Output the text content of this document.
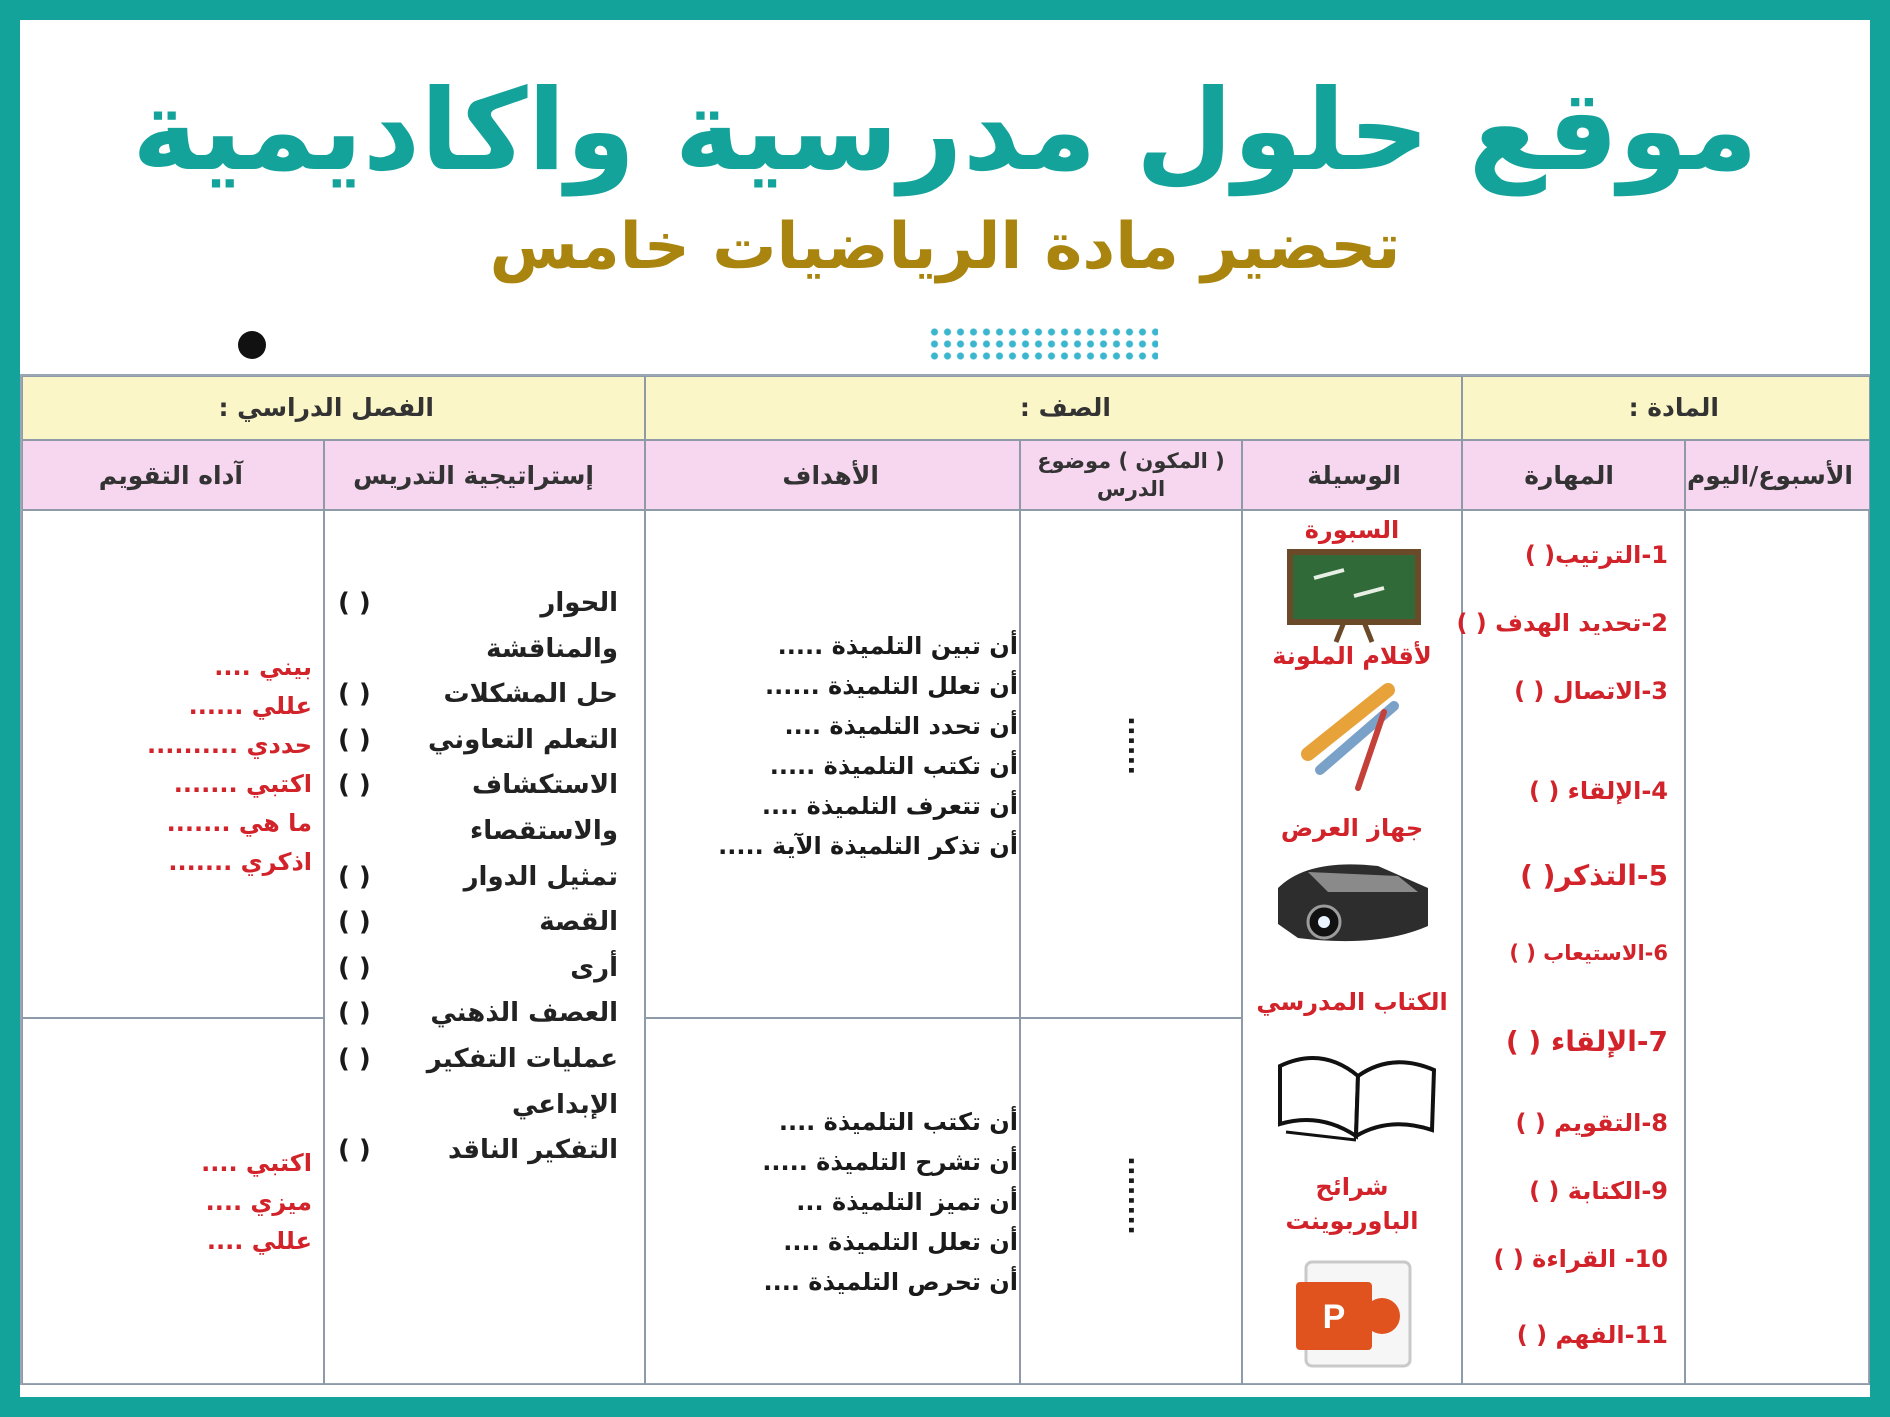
موقع حلول مدرسية واكاديمية
تحضير مادة الرياضيات خامس
المادة :
الصف :
الفصل الدراسي :
الأسبوع/اليوم
المهارة
الوسيلة
( المكون ) موضوع الدرس
الأهداف
إستراتيجية التدريس
آداه التقويم
1-الترتيب( )
2-تحديد الهدف ( )
3-الاتصال ( )
4-الإلقاء ( )
5-التذكر( )
6-الاستيعاب ( )
7-الإلقاء ( )
8-التقويم ( )
9-الكتابة ( )
10- القراءة ( )
11-الفهم ( )
السبورة
لأقلام الملونة
جهاز العرض
الكتاب المدرسي
شرائح الباوربوينت
P
......
........
أن تبين التلميذة .....
أن تعلل التلميذة ......
أن تحدد التلميذة ....
أن تكتب التلميذة .....
أن تتعرف التلميذة ....
أن تذكر التلميذة الآية .....
أن تكتب التلميذة ....
أن تشرح التلميذة .....
أن تميز التلميذة ...
أن تعلل التلميذة ....
أن تحرص التلميذة ....
الحوار
( )
والمناقشة
حل المشكلات
( )
التعلم التعاوني
( )
الاستكشاف
( )
والاستقصاء
تمثيل الدوار
( )
القصة
( )
أرى
( )
العصف الذهني
( )
عمليات التفكير
( )
الإبداعي
التفكير الناقد
( )
بيني ....
عللي ......
حددي ..........
اكتبي .......
ما هي .......
اذكري .......
اكتبي ....
ميزي ....
عللي ....
